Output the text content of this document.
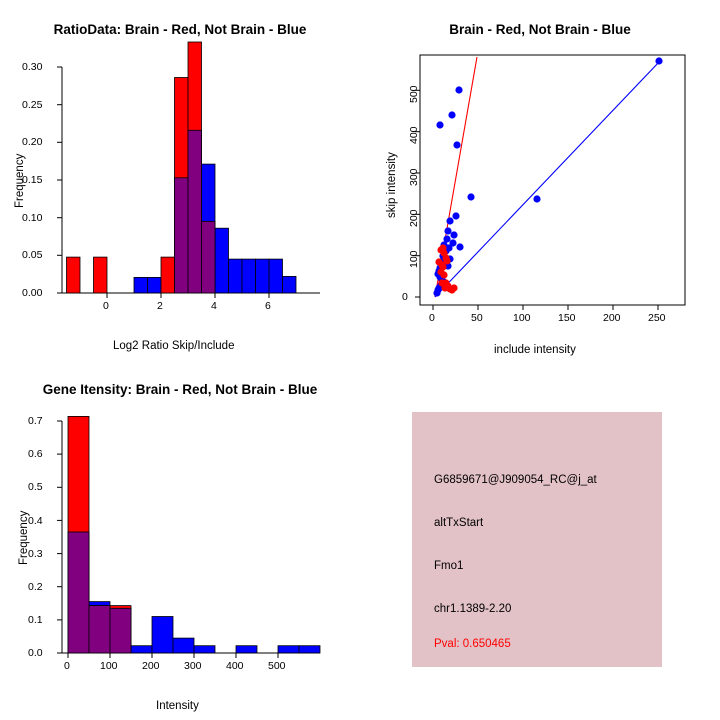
RatioData: Brain - Red, Not Brain - Blue
0.00
0.05
0.10
0.15
0.20
0.25
0.30
0	2	4	6
Log2 Ratio Skip/Include
Frequency
Brain - Red, Not Brain - Blue
0
100
200
300
400
500
0	50	100	150	200	250
include intensity
skip intensity
Gene Itensity: Brain - Red, Not Brain - Blue
0.0
0.1
0.2
0.3
0.4
0.5
0.6
0.7
0	100 200 300 400 500
Intensity
Frequency
G6859671@J909054_RC@j_at
altTxStart
Fmo1
chr1.1389-2.20
Pval: 0.650465
